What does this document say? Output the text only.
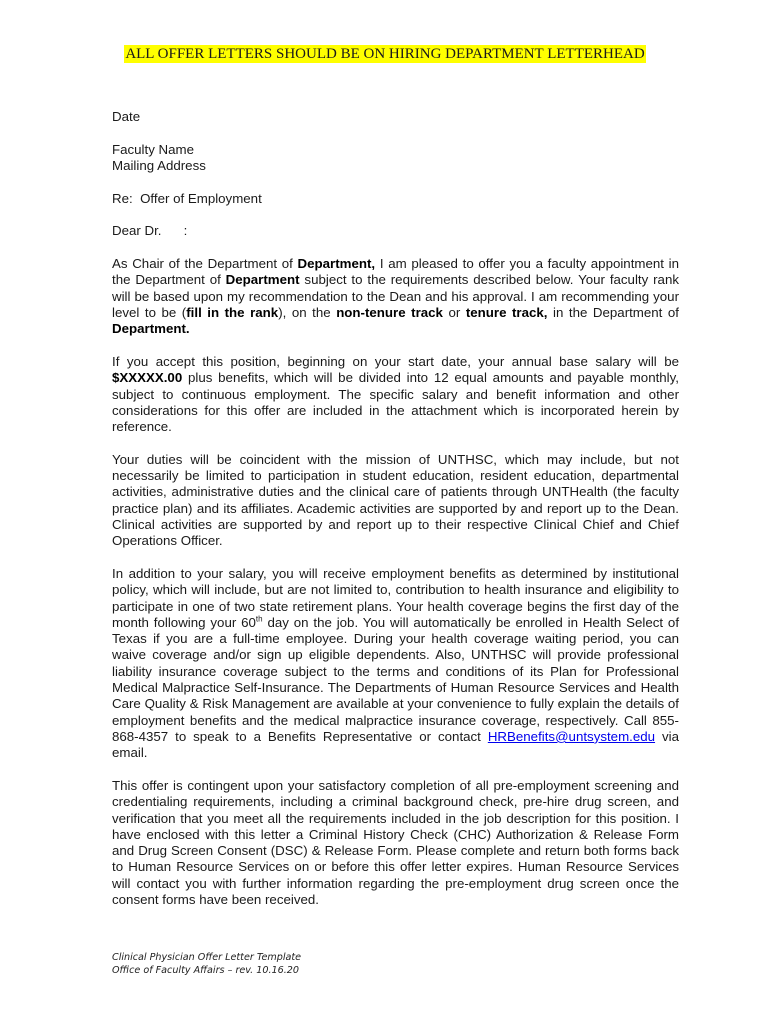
ALL OFFER LETTERS SHOULD BE ON HIRING DEPARTMENT LETTERHEAD

Date

Faculty Name

Mailing Address

Re:  Offer of Employment

Dear Dr.      :

As Chair of the Department of Department, I am pleased to offer you a faculty appointment in the Department of Department subject to the requirements described below. Your faculty rank will be based upon my recommendation to the Dean and his approval. I am recommending your level to be (fill in the rank), on the non-tenure track or tenure track, in the Department of Department.

If you accept this position, beginning on your start date, your annual base salary will be $XXXXX.00 plus benefits, which will be divided into 12 equal amounts and payable monthly, subject to continuous employment. The specific salary and benefit information and other considerations for this offer are included in the attachment which is incorporated herein by reference.

Your duties will be coincident with the mission of UNTHSC, which may include, but not necessarily be limited to participation in student education, resident education, departmental activities, administrative duties and the clinical care of patients through UNTHealth (the faculty practice plan) and its affiliates. Academic activities are supported by and report up to the Dean. Clinical activities are supported by and report up to their respective Clinical Chief and Chief Operations Officer.

In addition to your salary, you will receive employment benefits as determined by institutional policy, which will include, but are not limited to, contribution to health insurance and eligibility to participate in one of two state retirement plans. Your health coverage begins the first day of the month following your 60th day on the job. You will automatically be enrolled in Health Select of Texas if you are a full-time employee. During your health coverage waiting period, you can waive coverage and/or sign up eligible dependents. Also, UNTHSC will provide professional liability insurance coverage subject to the terms and conditions of its Plan for Professional Medical Malpractice Self-Insurance. The Departments of Human Resource Services and Health Care Quality & Risk Management are available at your convenience to fully explain the details of employment benefits and the medical malpractice insurance coverage, respectively. Call 855-868-4357 to speak to a Benefits Representative or contact HRBenefits@untsystem.edu via email.

This offer is contingent upon your satisfactory completion of all pre-employment screening and credentialing requirements, including a criminal background check, pre-hire drug screen, and verification that you meet all the requirements included in the job description for this position. I have enclosed with this letter a Criminal History Check (CHC) Authorization & Release Form and Drug Screen Consent (DSC) & Release Form. Please complete and return both forms back to Human Resource Services on or before this offer letter expires. Human Resource Services will contact you with further information regarding the pre-employment drug screen once the consent forms have been received.

Clinical Physician Offer Letter Template
Office of Faculty Affairs – rev. 10.16.20
